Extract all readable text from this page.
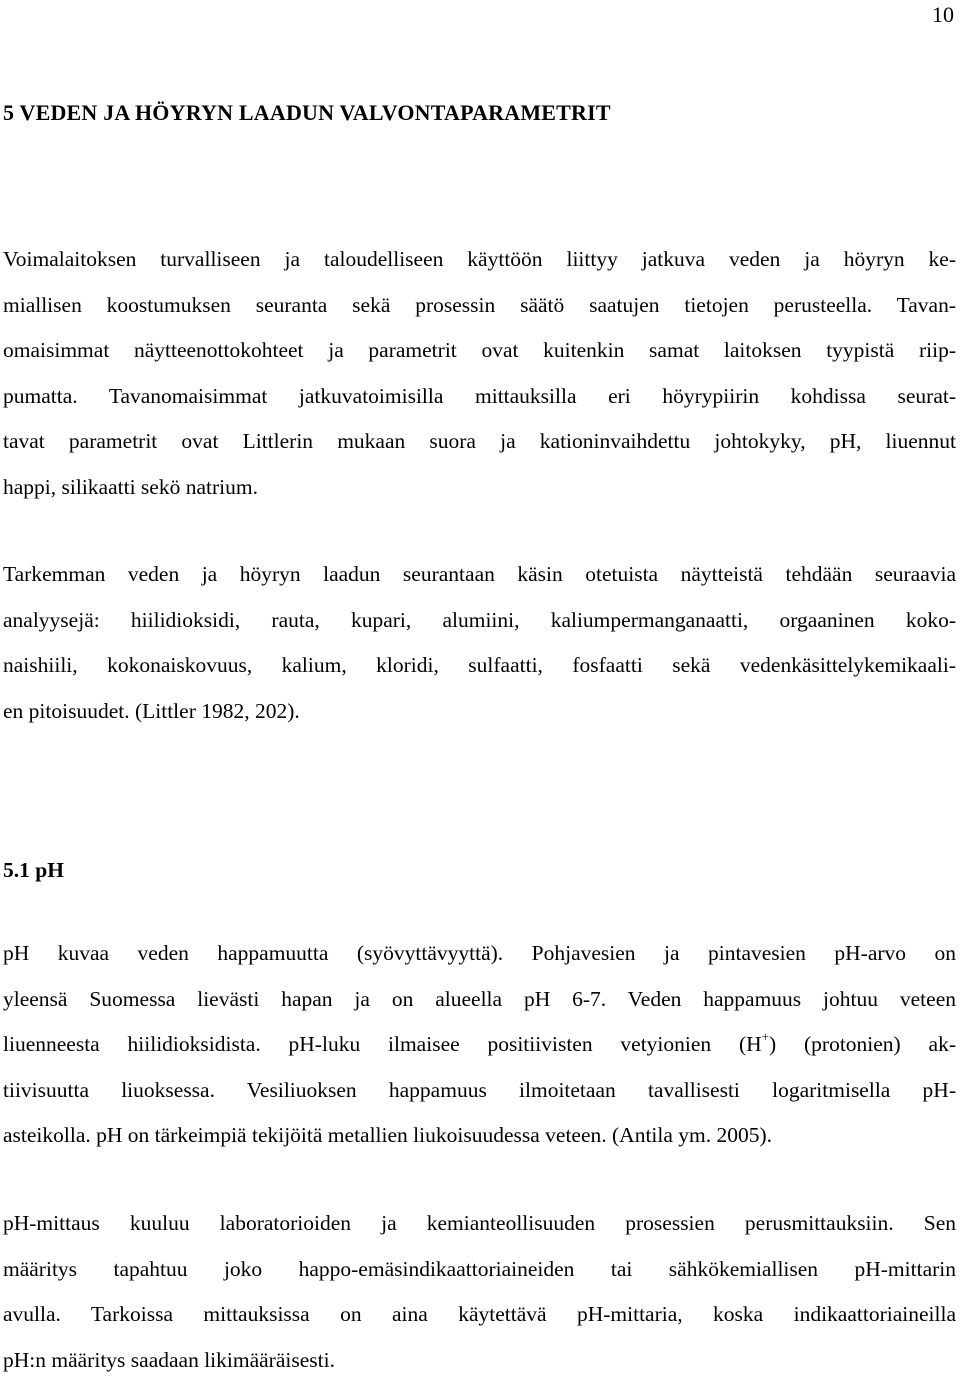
10
5 VEDEN JA HÖYRYN LAADUN VALVONTAPARAMETRIT

Voimalaitoksen turvalliseen ja taloudelliseen käyttöön liittyy jatkuva veden ja höyryn ke-
miallisen koostumuksen seuranta sekä prosessin säätö saatujen tietojen perusteella. Tavan-
omaisimmat näytteenottokohteet ja parametrit ovat kuitenkin samat laitoksen tyypistä riip-
pumatta. Tavanomaisimmat jatkuvatoimisilla mittauksilla eri höyrypiirin kohdissa seurat-
tavat parametrit ovat Littlerin mukaan suora ja kationinvaihdettu johtokyky, pH, liuennut
happi, silikaatti sekö natrium.

Tarkemman veden ja höyryn laadun seurantaan käsin otetuista näytteistä tehdään seuraavia
analyysejä: hiilidioksidi, rauta, kupari, alumiini, kaliumpermanganaatti, orgaaninen koko-
naishiili, kokonaiskovuus, kalium, kloridi, sulfaatti, fosfaatti sekä vedenkäsittelykemikaali-
en pitoisuudet. (Littler 1982, 202).

5.1 pH

pH kuvaa veden happamuutta (syövyttävyyttä). Pohjavesien ja pintavesien pH-arvo on
yleensä Suomessa lievästi hapan ja on alueella pH 6-7. Veden happamuus johtuu veteen
liuenneesta hiilidioksidista. pH-luku ilmaisee positiivisten vetyionien (H+) (protonien) ak-
tiivisuutta liuoksessa. Vesiliuoksen happamuus ilmoitetaan tavallisesti logaritmisella pH-
asteikolla. pH on tärkeimpiä tekijöitä metallien liukoisuudessa veteen. (Antila ym. 2005).

pH-mittaus kuuluu laboratorioiden ja kemianteollisuuden prosessien perusmittauksiin. Sen
määritys tapahtuu joko happo-emäsindikaattoriaineiden tai sähkökemiallisen pH-mittarin
avulla. Tarkoissa mittauksissa on aina käytettävä pH-mittaria, koska indikaattoriaineilla
pH:n määritys saadaan likimääräisesti.
